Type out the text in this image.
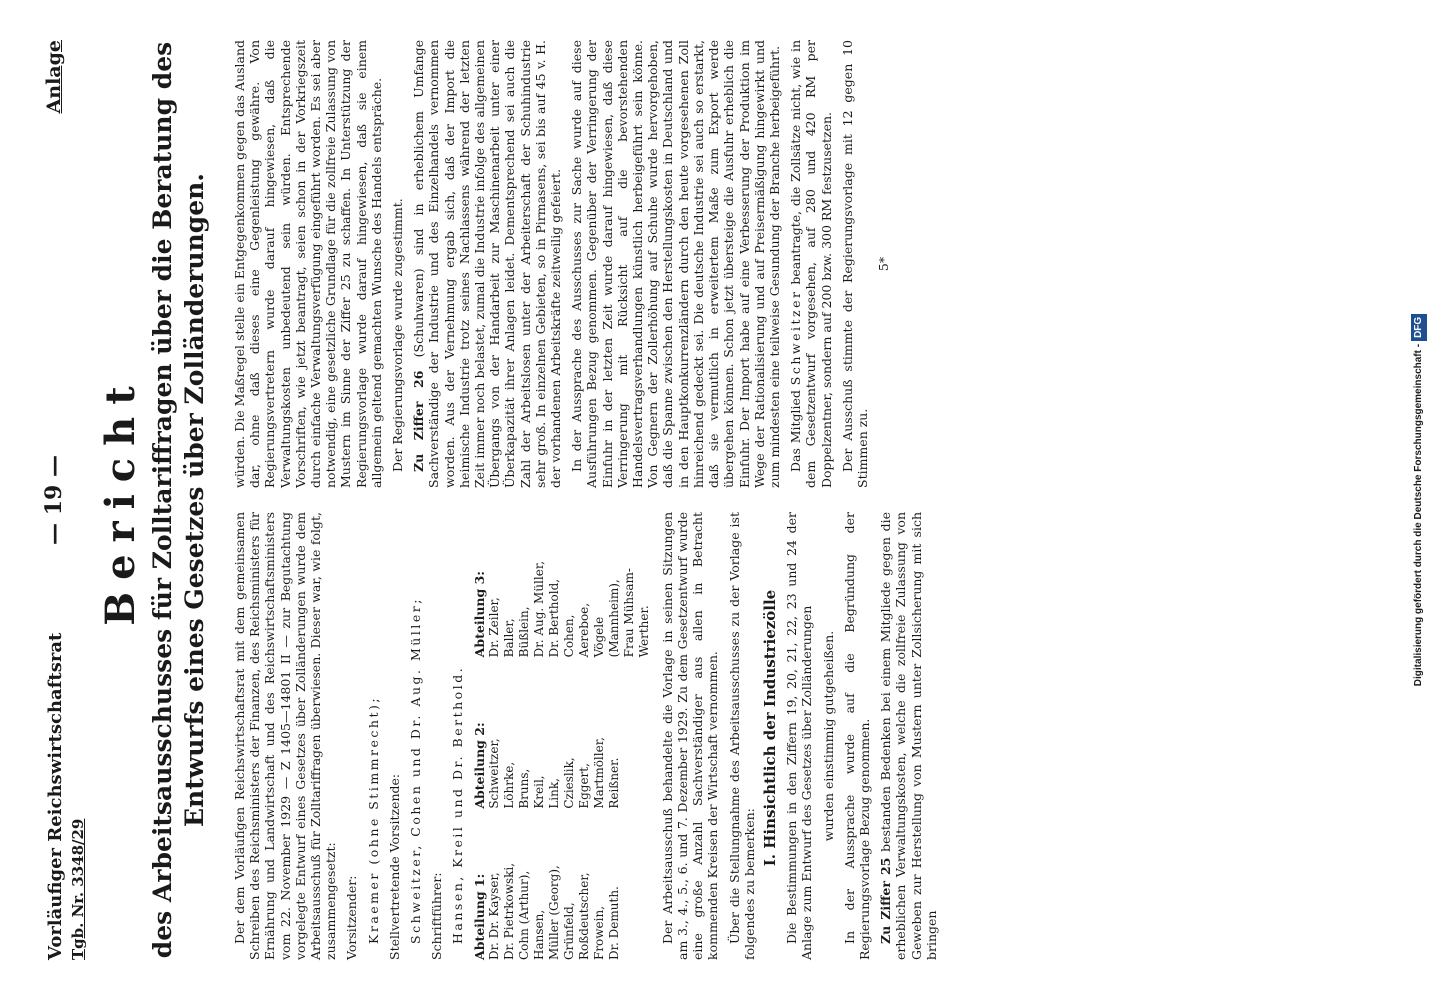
Vorläufiger Reichswirtschaftsrat Tgb. Nr. 3348/29
— 19 —
Anlage
Bericht des Arbeitsausschusses für Zolltariffragen über die Beratung des Entwurfs eines Gesetzes über Zolländerungen. Der dem Vorläufigen Reichswirtschaftsrat mit dem gemeinsamen Schreiben des Reichsministers der Finanzen, des Reichsministers für Ernährung und Landwirtschaft und des Reichswirtschaftsministers vom 22. November 1929 — Z 1405—14801 II — zur Begutachtung vorgelegte Entwurf eines Gesetzes über Zolländerungen wurde dem Arbeitsausschuß für Zolltariffragen überwiesen. Dieser war, wie folgt, zusammengesetzt: Vorsitzender: Kraemer (ohne Stimmrecht); Stellvertretende Vorsitzende: Schweitzer, Cohen und Dr. Aug. Müller; Schriftführer: Hansen, Kreil und Dr. Berthold. Abteilung 1: Dr. Dr. Kayser, Dr. Pietrkowski, Cohn (Arthur), Hansen, Müller (Georg), Grünfeld, Roßdeutscher, Frowein, Dr. Demuth.
Abteilung 2: Schweitzer, Löhrke, Bruns, Kreil, Link, Czieslik, Eggert, Martmöller, Reißner.
Abteilung 3: Dr. Zeiler, Baller, Büßlein, Dr. Aug. Müller, Dr. Berthold, Cohen, Aereboe, Vögele (Mannheim), Frau Mühsam- Werther. Der Arbeitsausschuß behandelte die Vorlage in seinen Sitzungen am 3., 4., 5., 6. und 7. Dezember 1929. Zu dem Gesetzentwurf wurde eine große Anzahl Sachverständiger aus allen in Betracht kommenden Kreisen der Wirtschaft vernommen. Über die Stellungnahme des Arbeitsausschusses zu der Vorlage ist folgendes zu bemerken:

I. Hinsichtlich der Industriezölle Die Bestimmungen in den Ziffern 19, 20, 21, 22, 23 und 24 der Anlage zum Entwurf des Gesetzes über Zolländerungen wurden einstimmig gutgeheißen. In der Aussprache wurde auf die Begründung der Regierungsvorlage Bezug genommen. Zu Ziffer 25 bestanden Bedenken bei einem Mitgliede gegen die erheblichen Verwaltungskosten, welche die zollfreie Zulassung von Geweben zur Herstellung von Mustern unter Zollsicherung mit sich bringen

würden. Die Maßregel stelle ein Entgegenkommen gegen das Ausland dar, ohne daß dieses eine Gegenleistung gewähre. Von Regierungsvertretern wurde darauf hingewiesen, daß die Verwaltungskosten unbedeutend sein würden. Entsprechende Vorschriften, wie jetzt beantragt, seien schon in der Vorkriegszeit durch einfache Verwaltungsverfügung eingeführt worden. Es sei aber notwendig, eine gesetzliche Grundlage für die zollfreie Zulassung von Mustern im Sinne der Ziffer 25 zu schaffen. In Unterstützung der Regierungsvorlage wurde darauf hingewiesen, daß sie einem allgemein geltend gemachten Wunsche des Handels entspräche. Der Regierungsvorlage wurde zugestimmt. Zu Ziffer 26 (Schuhwaren) sind in erheblichem Umfange Sachverständige der Industrie und des Einzelhandels vernommen worden. Aus der Vernehmung ergab sich, daß der Import die heimische Industrie trotz seines Nachlassens während der letzten Zeit immer noch belastet, zumal die Industrie infolge des allgemeinen Übergangs von der Handarbeit zur Maschinenarbeit unter einer Überkapazität ihrer Anlagen leidet. Dementsprechend sei auch die Zahl der Arbeitslosen unter der Arbeiterschaft der Schuhindustrie sehr groß. In einzelnen Gebieten, so in Pirmasens, sei bis auf 45 v. H. der vorhandenen Arbeitskräfte zeitweilig gefeiert. In der Aussprache des Ausschusses zur Sache wurde auf diese Ausführungen Bezug genommen. Gegenüber der Verringerung der Einfuhr in der letzten Zeit wurde darauf hingewiesen, daß diese Verringerung mit Rücksicht auf die bevorstehenden Handelsvertragsverhandlungen künstlich herbeigeführt sein könne. Von Gegnern der Zollerhöhung auf Schuhe wurde hervorgehoben, daß die Spanne zwischen den Herstellungskosten in Deutschland und in den Hauptkonkurrenzländern durch den heute vorgesehenen Zoll hinreichend gedeckt sei. Die deutsche Industrie sei auch so erstarkt, daß sie vermutlich in erweitertem Maße zum Export werde übergehen können. Schon jetzt übersteige die Ausfuhr erheblich die Einfuhr. Der Import habe auf eine Verbesserung der Produktion im Wege der Rationalisierung und auf Preisermäßigung hingewirkt und zum mindesten eine teilweise Gesundung der Branche herbeigeführt. Das Mitglied Schweitzer beantragte, die Zollsätze nicht, wie in dem Gesetzentwurf vorgesehen, auf 280 und 420 RM per Doppelzentner, sondern auf 200 bzw. 300 RM festzusetzen. Der Ausschuß stimmte der Regierungsvorlage mit 12 gegen 10 Stimmen zu.

5*

Digitalisierung gefördert durch die Deutsche Forschungsgemeinschaft -DFG
